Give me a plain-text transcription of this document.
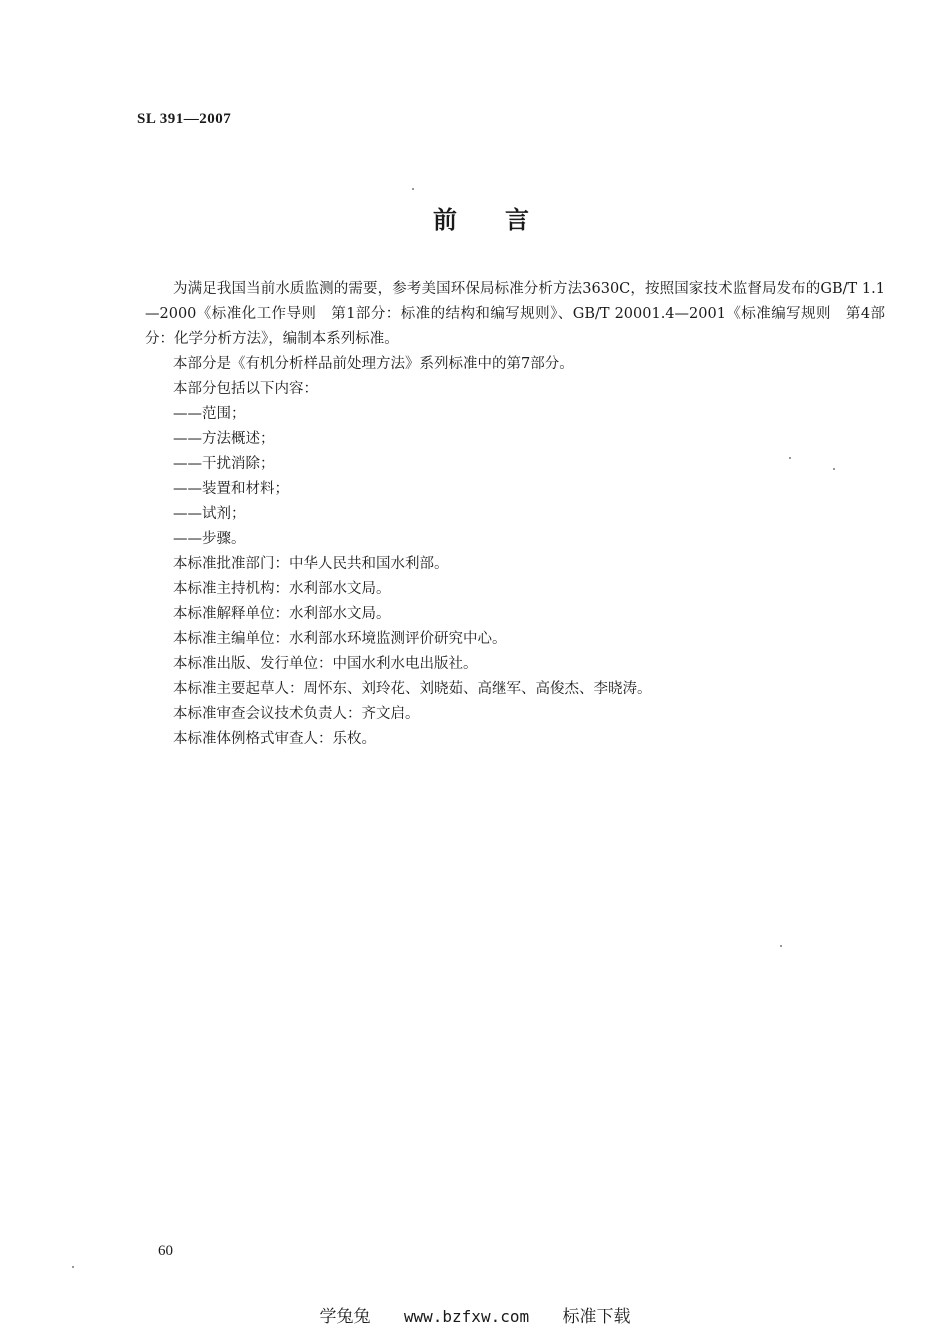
SL 391—2007
前言

为满足我国当前水质监测的需要，参考美国环保局标准分析方法3630C，按照国家技术监督局发布的GB/T 1.1—2000《标准化工作导则　第1部分：标准的结构和编写规则》、GB/T 20001.4—2001《标准编写规则　第4部分：化学分析方法》，编制本系列标准。

本部分是《有机分析样品前处理方法》系列标准中的第7部分。

本部分包括以下内容：

——范围；

——方法概述；

——干扰消除；

——装置和材料；

——试剂；

——步骤。

本标准批准部门：中华人民共和国水利部。

本标准主持机构：水利部水文局。

本标准解释单位：水利部水文局。

本标准主编单位：水利部水环境监测评价研究中心。

本标准出版、发行单位：中国水利水电出版社。

本标准主要起草人：周怀东、刘玲花、刘晓茹、高继军、高俊杰、李晓涛。

本标准审查会议技术负责人：齐文启。

本标准体例格式审查人：乐枚。

60
学兔兔 www.bzfxw.com 标准下载
